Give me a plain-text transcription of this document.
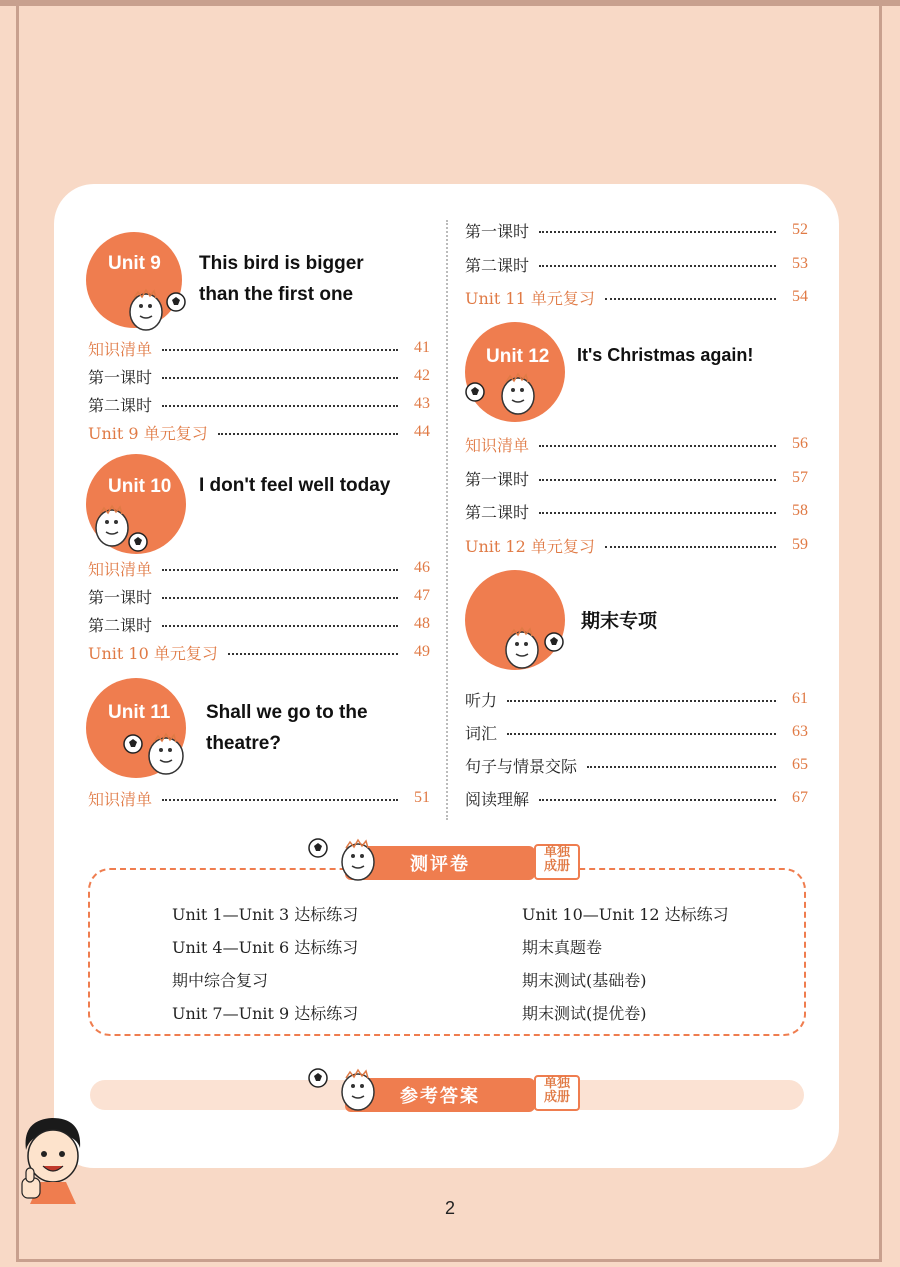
Unit 9 This bird is bigger
than the first one
知识清单	41
第一课时	42
第二课时	43
Unit 9 单元复习	44
Unit 10 I don't feel well today
知识清单	46
第一课时	47
第二课时	48
Unit 10 单元复习	49
Unit 11 Shall we go to the
theatre?
知识清单	51
第一课时	52
第二课时	53
Unit 11 单元复习	54
Unit 12 It's Christmas again!
知识清单	56
第一课时	57
第二课时	58
Unit 12 单元复习	59
期末专项
听力	61
词汇	63
句子与情景交际	65
阅读理解	67
测评卷
单独
成册
Unit 1—Unit 3 达标练习
Unit 4—Unit 6 达标练习
期中综合复习
Unit 7—Unit 9 达标练习
Unit 10—Unit 12 达标练习
期末真题卷
期末测试(基础卷)
期末测试(提优卷)
参考答案
单独
成册
2
